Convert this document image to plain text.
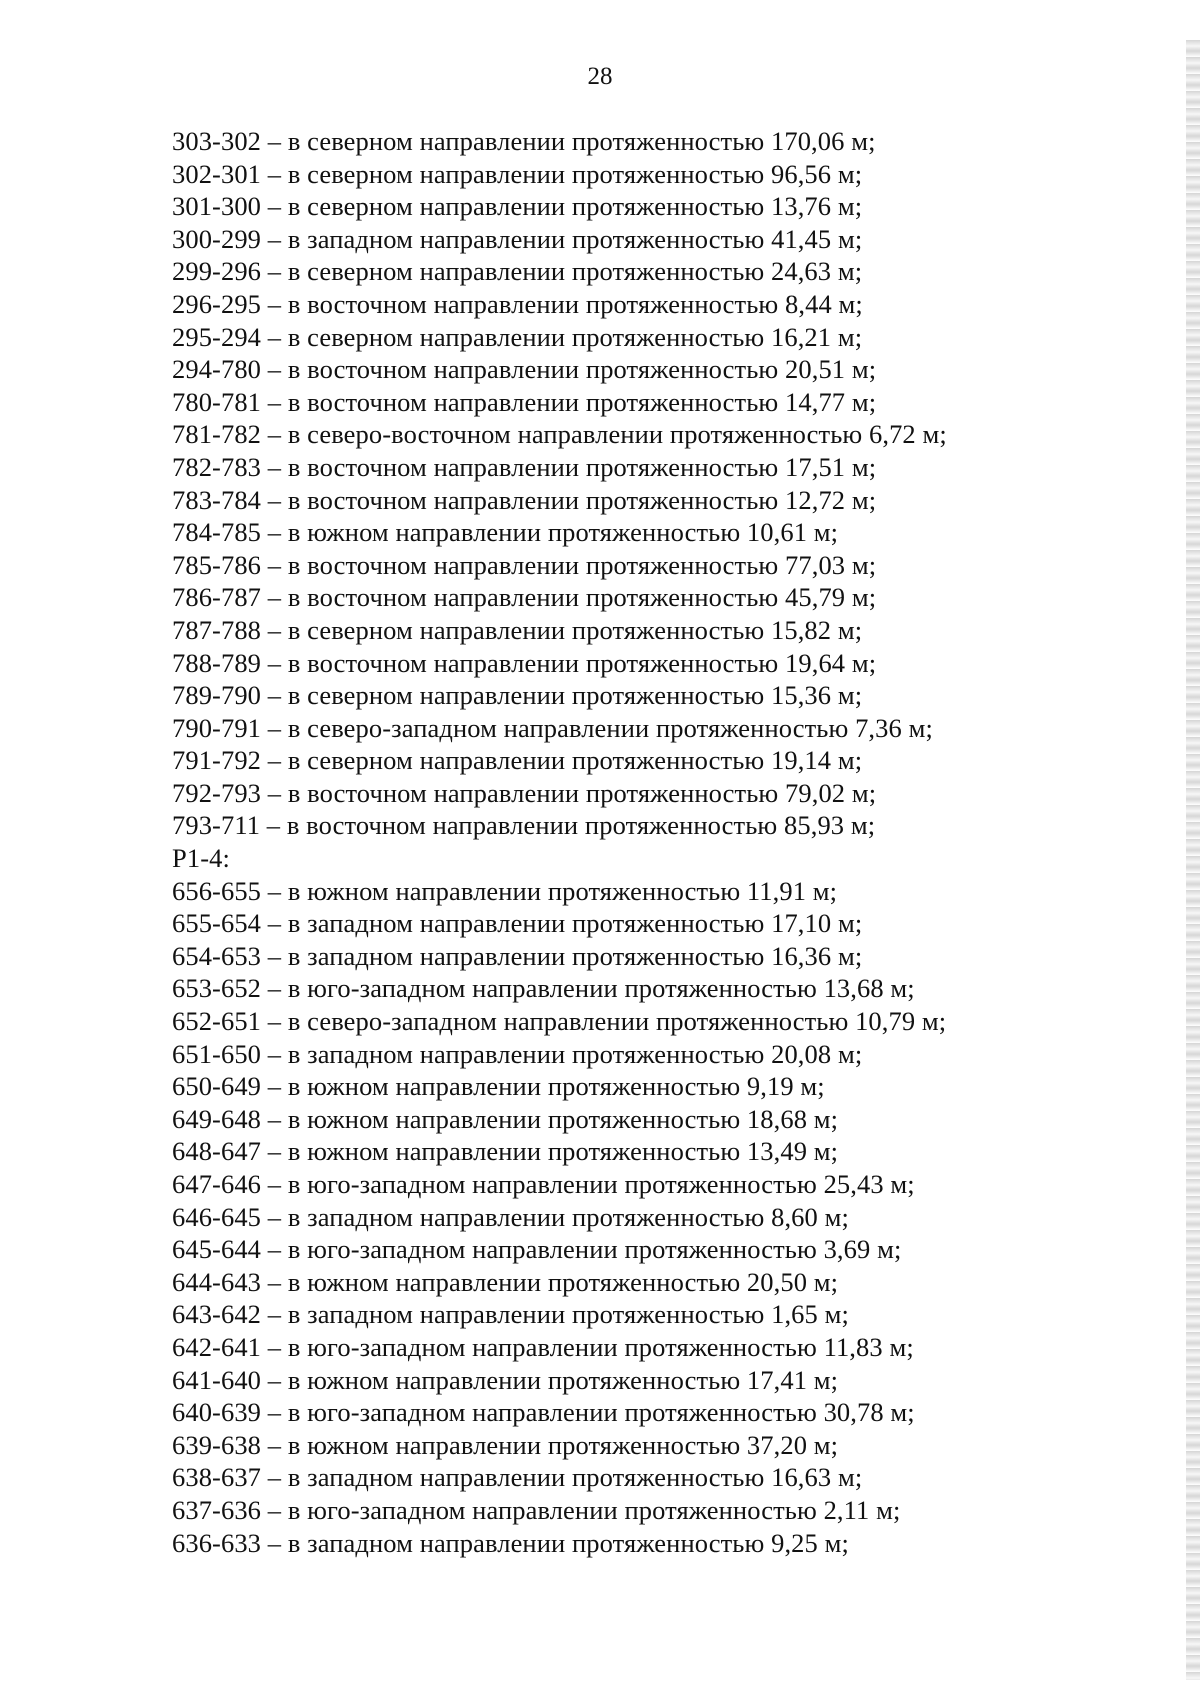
28
303-302 – в северном направлении протяженностью 170,06 м;
302-301 – в северном направлении протяженностью 96,56 м;
301-300 – в северном направлении протяженностью 13,76 м;
300-299 – в западном направлении протяженностью 41,45 м;
299-296 – в северном направлении протяженностью 24,63 м;
296-295 – в восточном направлении протяженностью 8,44 м;
295-294 – в северном направлении протяженностью 16,21 м;
294-780 – в восточном направлении протяженностью 20,51 м;
780-781 – в восточном направлении протяженностью 14,77 м;
781-782 – в северо-восточном направлении протяженностью 6,72 м;
782-783 – в восточном направлении протяженностью 17,51 м;
783-784 – в восточном направлении протяженностью 12,72 м;
784-785 – в южном направлении протяженностью 10,61 м;
785-786 – в восточном направлении протяженностью 77,03 м;
786-787 – в восточном направлении протяженностью 45,79 м;
787-788 – в северном направлении протяженностью 15,82 м;
788-789 – в восточном направлении протяженностью 19,64 м;
789-790 – в северном направлении протяженностью 15,36 м;
790-791 – в северо-западном направлении протяженностью 7,36 м;
791-792 – в северном направлении протяженностью 19,14 м;
792-793 – в восточном направлении протяженностью 79,02 м;
793-711 – в восточном направлении протяженностью 85,93 м;
Р1-4:
656-655 – в южном направлении протяженностью 11,91 м;
655-654 – в западном направлении протяженностью 17,10 м;
654-653 – в западном направлении протяженностью 16,36 м;
653-652 – в юго-западном направлении протяженностью 13,68 м;
652-651 – в северо-западном направлении протяженностью 10,79 м;
651-650 – в западном направлении протяженностью 20,08 м;
650-649 – в южном направлении протяженностью 9,19 м;
649-648 – в южном направлении протяженностью 18,68 м;
648-647 – в южном направлении протяженностью 13,49 м;
647-646 – в юго-западном направлении протяженностью 25,43 м;
646-645 – в западном направлении протяженностью 8,60 м;
645-644 – в юго-западном направлении протяженностью 3,69 м;
644-643 – в южном направлении протяженностью 20,50 м;
643-642 – в западном направлении протяженностью 1,65 м;
642-641 – в юго-западном направлении протяженностью 11,83 м;
641-640 – в южном направлении протяженностью 17,41 м;
640-639 – в юго-западном направлении протяженностью 30,78 м;
639-638 – в южном направлении протяженностью 37,20 м;
638-637 – в западном направлении протяженностью 16,63 м;
637-636 – в юго-западном направлении протяженностью 2,11 м;
636-633 – в западном направлении протяженностью 9,25 м;
